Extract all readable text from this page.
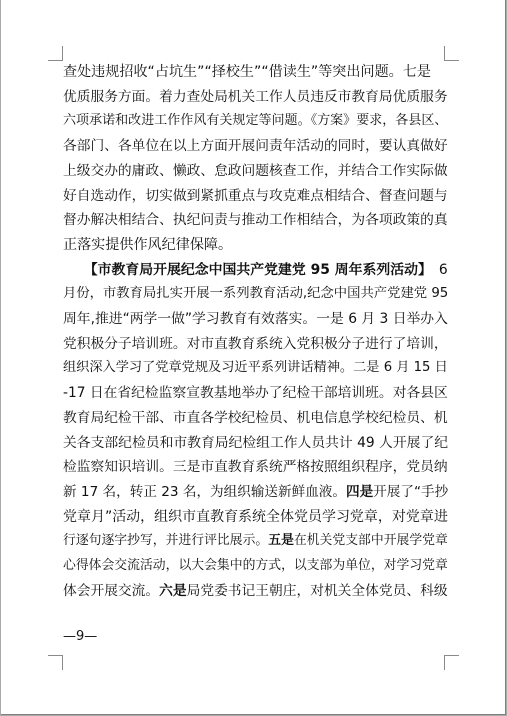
查处违规招收“占坑生”“择校生”“借读生”等突出问题。七是
优质服务方面。着力查处局机关工作人员违反市教育局优质服务
六项承诺和改进工作作风有关规定等问题。《方案》要求，各县区、
各部门、各单位在以上方面开展问责年活动的同时，要认真做好
上级交办的庸政、懒政、怠政问题核查工作，并结合工作实际做
好自选动作，切实做到紧抓重点与攻克难点相结合、督查问题与
督办解决相结合、执纪问责与推动工作相结合，为各项政策的真
正落实提供作风纪律保障。
　　【市教育局开展纪念中国共产党建党 95 周年系列活动】　6
月份，市教育局扎实开展一系列教育活动,纪念中国共产党建党 95
周年,推进“两学一做”学习教育有效落实。一是 6 月 3 日举办入
党积极分子培训班。对市直教育系统入党积极分子进行了培训，
组织深入学习了党章党规及习近平系列讲话精神。二是 6 月 15 日
-17 日在省纪检监察宣教基地举办了纪检干部培训班。对各县区
教育局纪检干部、市直各学校纪检员、机电信息学校纪检员、机
关各支部纪检员和市教育局纪检组工作人员共计 49 人开展了纪
检监察知识培训。三是市直教育系统严格按照组织程序，党员纳
新 17 名，转正 23 名，为组织输送新鲜血液。四是开展了“手抄
党章月”活动，组织市直教育系统全体党员学习党章，对党章进
行逐句逐字抄写，并进行评比展示。五是在机关党支部中开展学党章
心得体会交流活动，以大会集中的方式，以支部为单位，对学习党章
体会开展交流。六是局党委书记王朝庄，对机关全体党员、科级
—9—
